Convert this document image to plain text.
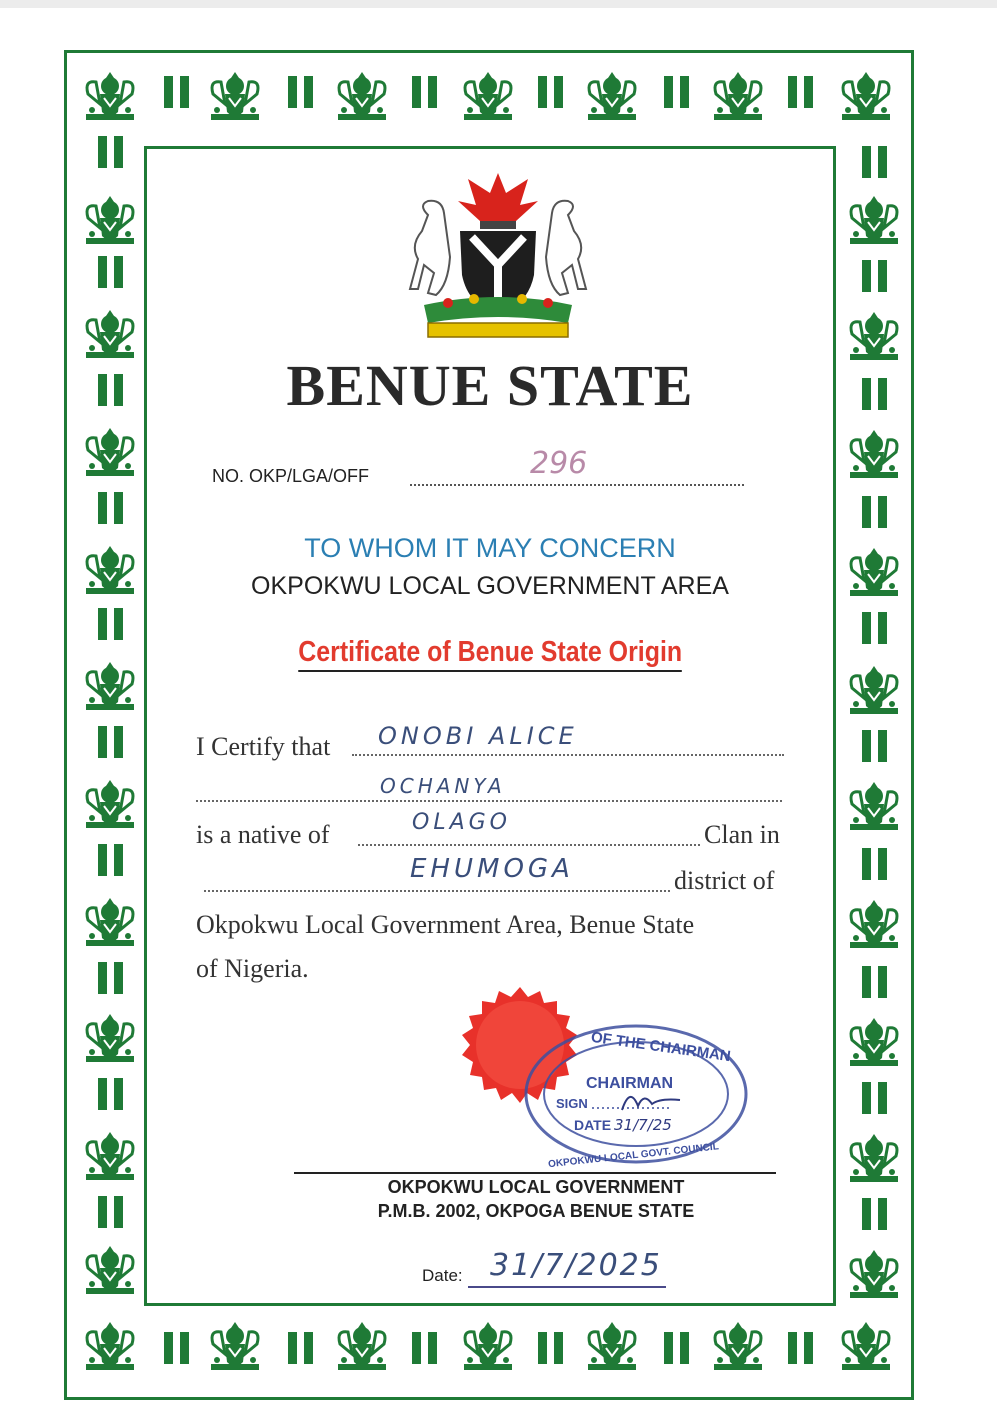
BENUE STATE
NO. OKP/LGA/OFF	296
TO WHOM IT MAY CONCERN
OKPOKWU LOCAL GOVERNMENT AREA
Certificate of Benue State Origin
I Certify that ONOBI ALICE
OCHANYA
is a native of	OLAGO	Clan in
EHUMOGA	district of
Okpokwu Local Government Area, Benue State
of Nigeria.
OF THE CHAIRMAN
CHAIRMAN
SIGN
DATE 31/7/25
OKPOKWU LOCAL GOVT. COUNCIL
OKPOKWU LOCAL GOVERNMENT
P.M.B. 2002, OKPOGA BENUE STATE
Date: 31/7/2025
